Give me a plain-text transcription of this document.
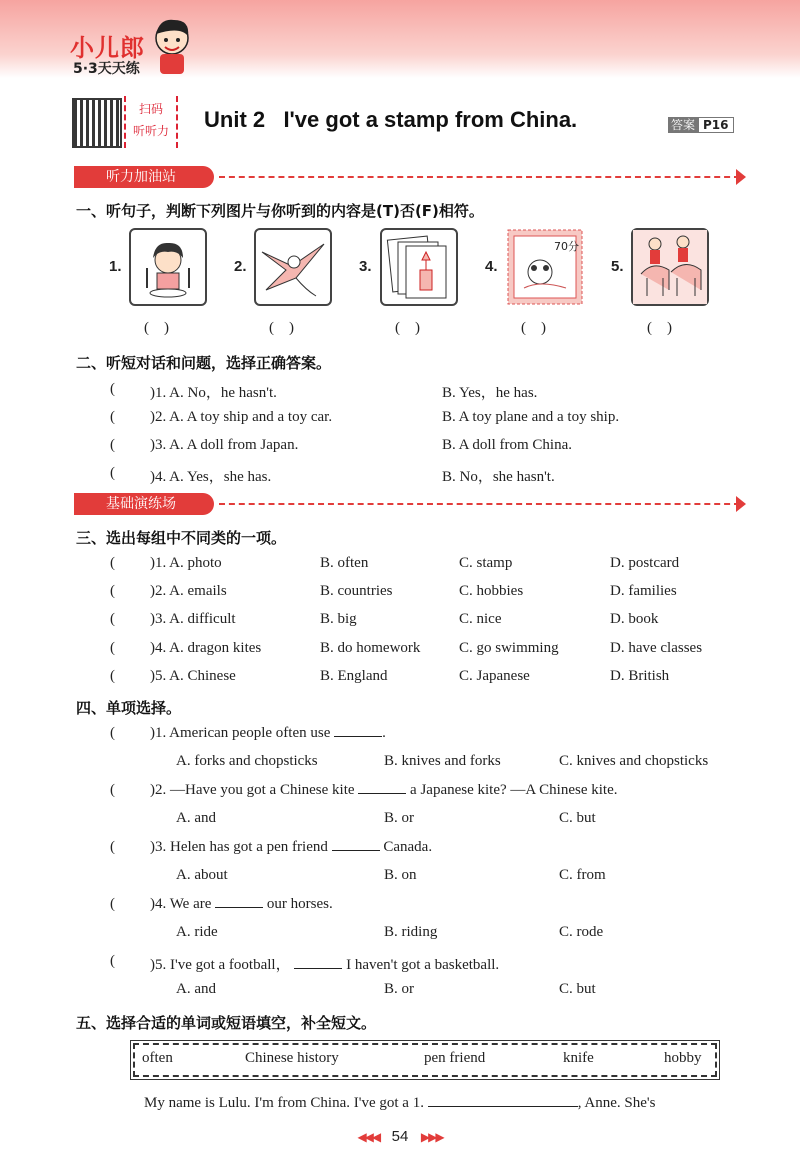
小儿郎
5·3天天练
扫码
听听力	Unit 2   I've got a stamp from China.	答案 P16
听力加油站
一、听句子，判断下列图片与你听到的内容是(T)否(F)相符。
1.	2.	3.	4.
70分
5.
(    )	(    )	(    )	(    )	(    )
二、听短对话和问题，选择正确答案。
( )1. A. No，he hasn't.	B. Yes，he has.
( )2. A. A toy ship and a toy car.	B. A toy plane and a toy ship.
( )3. A. A doll from Japan.	B. A doll from China.
( )4. A. Yes，she has.	B. No，she hasn't.
基础演练场
三、选出每组中不同类的一项。
( )1. A. photo	B. often	C. stamp	D. postcard
( )2. A. emails	B. countries	C. hobbies	D. families
( )3. A. difficult	B. big	C. nice	D. book
( )4. A. dragon kites	B. do homework	C. go swimming	D. have classes
( )5. A. Chinese	B. England	C. Japanese	D. British
四、单项选择。
( )1. American people often use	.
A. forks and chopsticks	B. knives and forks	C. knives and chopsticks
( )2. —Have you got a Chinese kite	a Japanese kite? —A Chinese kite.
A. and	B. or	C. but
( )3. Helen has got a pen friend	Canada.
A. about	B. on	C. from
( )4. We are	our horses.
A. ride	B. riding	C. rode
( )5. I've got a football，	I haven't got a basketball.
A. and	B. or	C. but
五、选择合适的单词或短语填空，补全短文。
often	Chinese history	pen friend	knife	hobby
My name is Lulu. I'm from China. I've got a 1.	, Anne. She's
◀◀◀ 54 ▶▶▶
